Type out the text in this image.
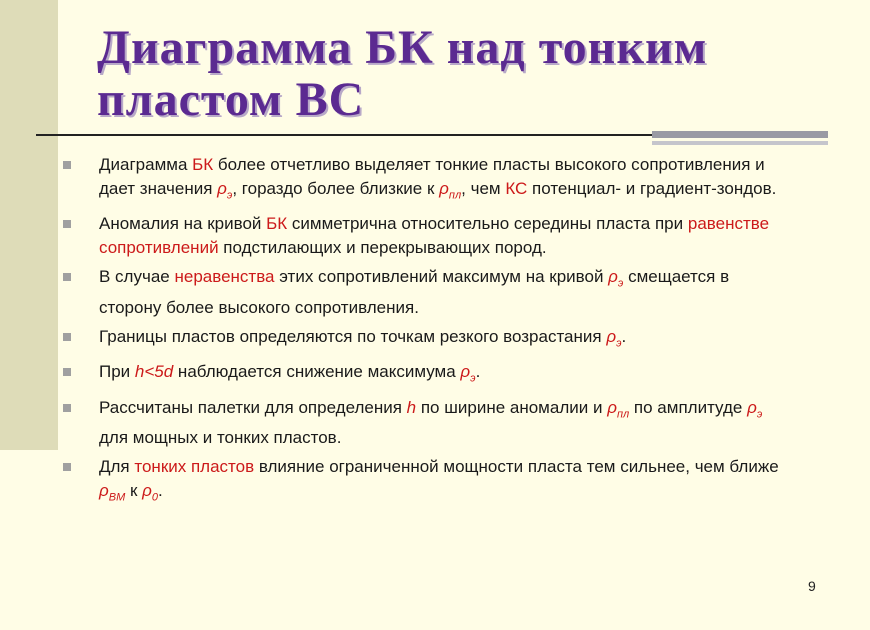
Диаграмма БК над тонким
пластом ВС
Диаграмма БК более отчетливо выделяет тонкие пласты высокого сопротивления и дает значения $\rho_э$, гораздо более близкие к $\rho_{пл}$, чем КС потенциал- и градиент-зондов.
Аномалия на кривой БК симметрична относительно середины пласта при равенстве сопротивлений подстилающих и перекрывающих пород.
В случае неравенства этих сопротивлений максимум на кривой $\rho_э$ смещается в сторону более высокого сопротивления.
Границы пластов определяются по точкам резкого возрастания $\rho_э$.
При h<5d наблюдается снижение максимума $\rho_э$.
Рассчитаны палетки для определения h по ширине аномалии и $\rho_{пл}$ по амплитуде $\rho_э$ для мощных и тонких пластов.
Для тонких пластов влияние ограниченной мощности пласта тем сильнее, чем ближе $\rho_{ВМ}$ к $\rho_0$.
9
